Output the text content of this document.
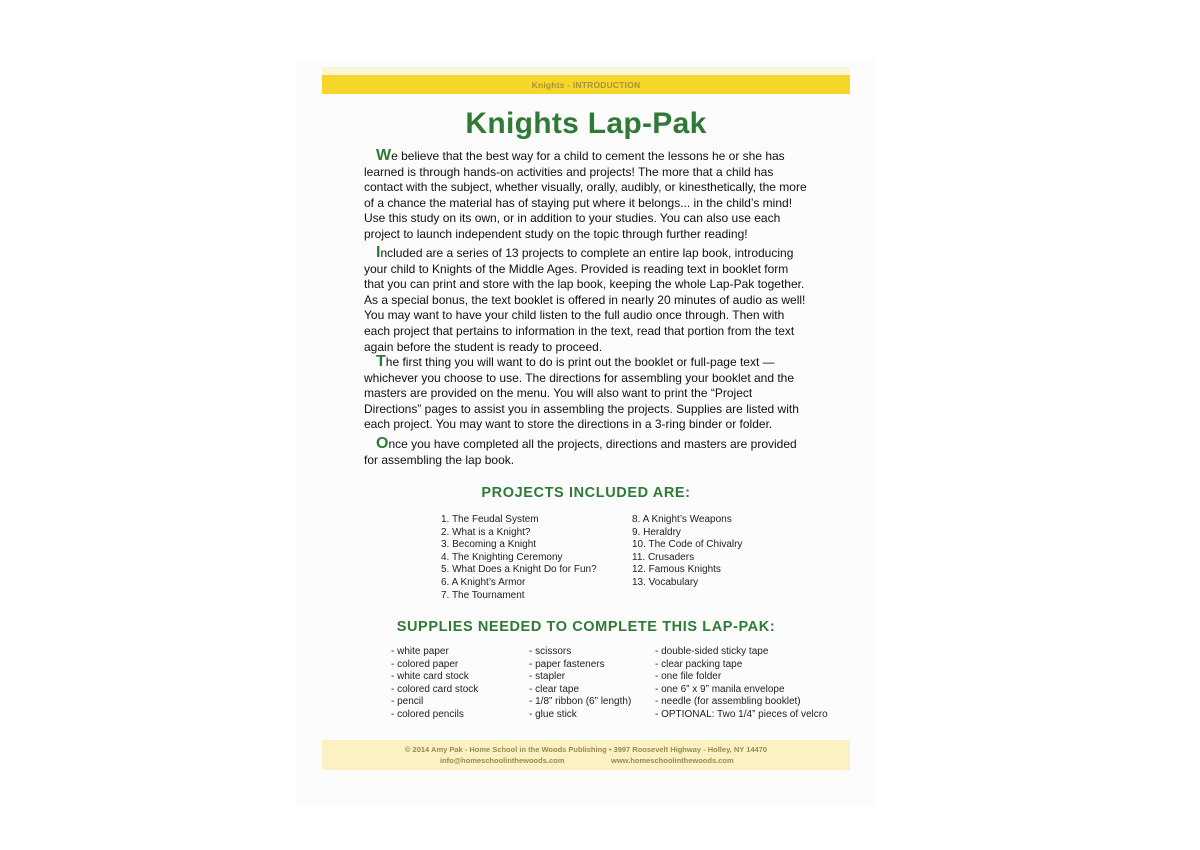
Knights - INTRODUCTION
Knights Lap-Pak

We believe that the best way for a child to cement the lessons he or she has learned is through hands-on activities and projects! The more that a child has contact with the subject, whether visually, orally, audibly, or kinesthetically, the more of a chance the material has of staying put where it belongs... in the child’s mind! Use this study on its own, or in addition to your studies. You can also use each project to launch independent study on the topic through further reading!

Included are a series of 13 projects to complete an entire lap book, introducing your child to Knights of the Middle Ages. Provided is reading text in booklet form that you can print and store with the lap book, keeping the whole Lap-Pak together. As a special bonus, the text booklet is offered in nearly 20 minutes of audio as well! You may want to have your child listen to the full audio once through. Then with each project that pertains to information in the text, read that portion from the text again before the student is ready to proceed.

The first thing you will want to do is print out the booklet or full-page text — whichever you choose to use. The directions for assembling your booklet and the masters are provided on the menu. You will also want to print the “Project Directions” pages to assist you in assembling the projects. Supplies are listed with each project. You may want to store the directions in a 3-ring binder or folder.

Once you have completed all the projects, directions and masters are provided for assembling the lap book.

PROJECTS INCLUDED ARE:
1. The Feudal System
2. What is a Knight?
3. Becoming a Knight
4. The Knighting Ceremony
5. What Does a Knight Do for Fun?
6. A Knight’s Armor
7. The Tournament
8. A Knight’s Weapons
9. Heraldry
10. The Code of Chivalry
11. Crusaders
12. Famous Knights
13. Vocabulary
SUPPLIES NEEDED TO COMPLETE THIS LAP-PAK:
- white paper
- colored paper
- white card stock
- colored card stock
- pencil
- colored pencils
- scissors
- paper fasteners
- stapler
- clear tape
- 1/8” ribbon (6” length)
- glue stick
- double-sided sticky tape
- clear packing tape
- one file folder
- one 6” x 9” manila envelope
- needle (for assembling booklet)
- OPTIONAL: Two 1/4” pieces of velcro
© 2014 Amy Pak - Home School in the Woods Publishing • 3997 Roosevelt Highway - Holley, NY 14470
info@homeschoolinthewoods.com	www.homeschoolinthewoods.com
